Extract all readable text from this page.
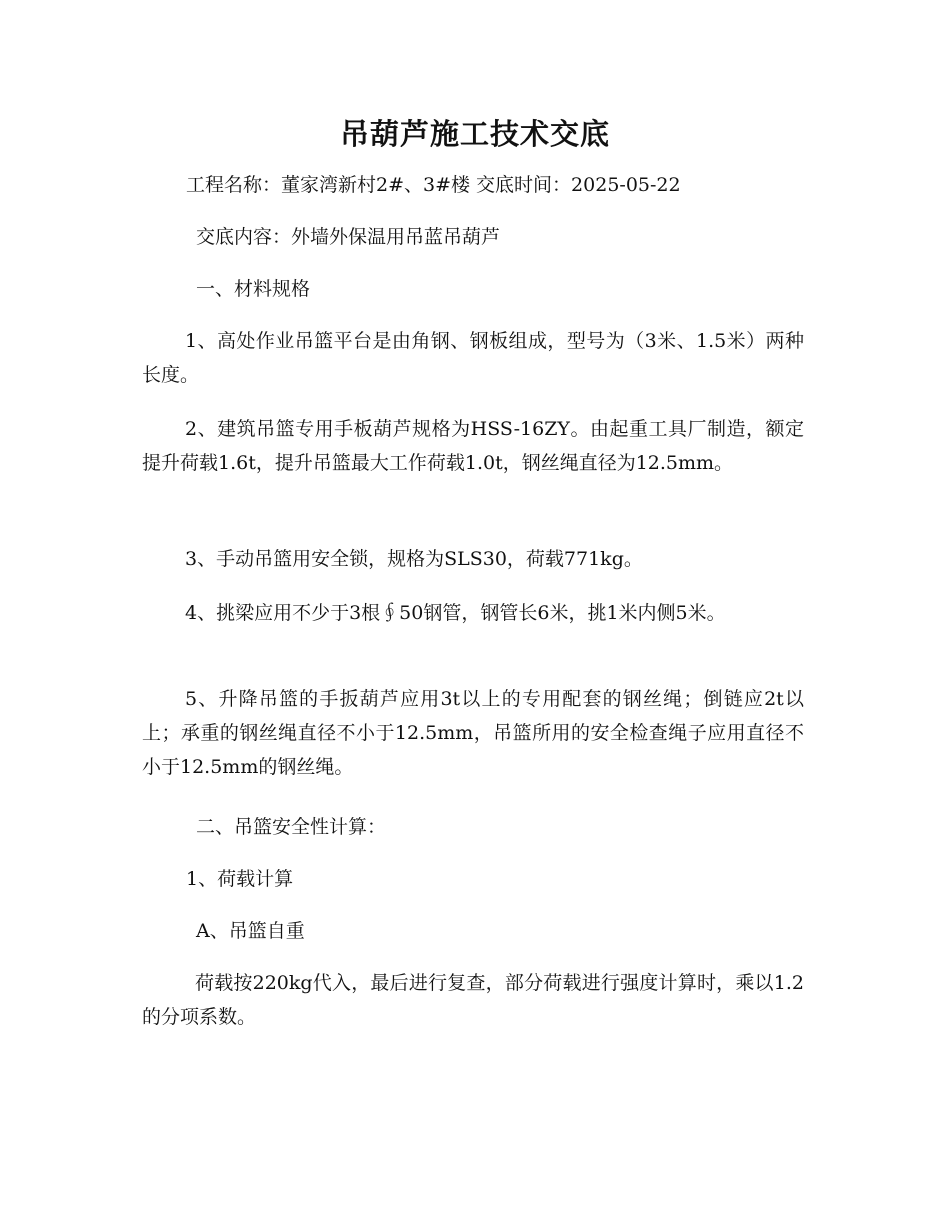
吊葫芦施工技术交底

工程名称：董家湾新村2#、3#楼 交底时间：2025-05-22

交底内容：外墙外保温用吊蓝吊葫芦

一、材料规格

1、高处作业吊篮平台是由角钢、钢板组成，型号为（3米、1.5米）两种长度。

2、建筑吊篮专用手板葫芦规格为HSS-16ZY。由起重工具厂制造，额定提升荷载1.6t，提升吊篮最大工作荷载1.0t，钢丝绳直径为12.5mm。

3、手动吊篮用安全锁，规格为SLS30，荷载771kg。

4、挑梁应用不少于3根∮50钢管，钢管长6米，挑1米内侧5米。

5、升降吊篮的手扳葫芦应用3t以上的专用配套的钢丝绳；倒链应2t以上；承重的钢丝绳直径不小于12.5mm，吊篮所用的安全检查绳子应用直径不小于12.5mm的钢丝绳。

二、吊篮安全性计算：

1、荷载计算

A、吊篮自重

荷载按220kg代入，最后进行复查，部分荷载进行强度计算时，乘以1.2的分项系数。
